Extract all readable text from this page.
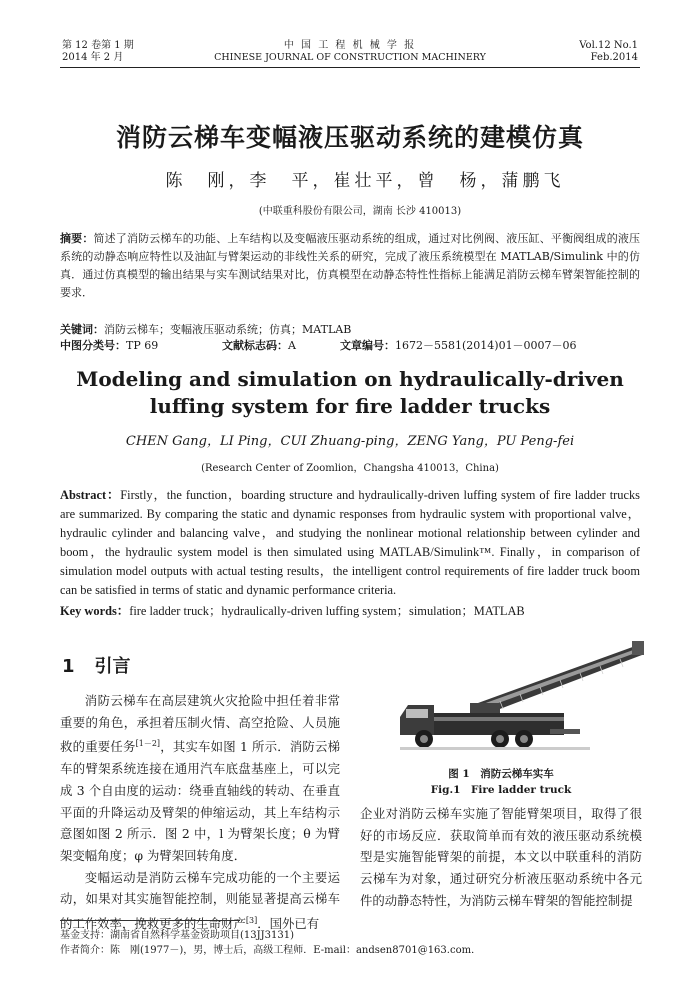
第 12 卷第 1 期
2014 年 2 月
中 国 工 程 机 械 学 报
CHINESE JOURNAL OF CONSTRUCTION MACHINERY
Vol.12 No.1
Feb.2014
消防云梯车变幅液压驱动系统的建模仿真
陈　刚，李　平，崔壮平，曾　杨，蒲鹏飞
(中联重科股份有限公司，湖南 长沙 410013)
摘要：简述了消防云梯车的功能、上车结构以及变幅液压驱动系统的组成，通过对比例阀、液压缸、平衡阀组成的液压系统的动静态响应特性以及油缸与臂架运动的非线性关系的研究，完成了液压系统模型在 MATLAB/Simulink 中的仿真．通过仿真模型的输出结果与实车测试结果对比，仿真模型在动静态特性性指标上能满足消防云梯车臂架智能控制的要求．
关键词：消防云梯车；变幅液压驱动系统；仿真；MATLAB
中图分类号：TP 69	文献标志码：A	文章编号：1672－5581(2014)01－0007－06
Modeling and simulation on hydraulically-driven
luffing system for fire ladder trucks
CHEN Gang，LI Ping，CUI Zhuang-ping，ZENG Yang，PU Peng-fei
(Research Center of Zoomlion，Changsha 410013，China)
Abstract：Firstly，the function，boarding structure and hydraulically-driven luffing system of fire ladder trucks are summarized. By comparing the static and dynamic responses from hydraulic system with proportional valve，hydraulic cylinder and balancing valve，and studying the nonlinear motional relationship between cylinder and boom，the hydraulic system model is then simulated using MATLAB/Simulink™. Finally，in comparison of simulation model outputs with actual testing results，the intelligent control requirements of fire ladder truck boom can be satisfied in terms of static and dynamic performance criteria.
Key words：fire ladder truck；hydraulically-driven luffing system；simulation；MATLAB
1 引言

消防云梯车在高层建筑火灾抢险中担任着非常重要的角色，承担着压制火情、高空抢险、人员施救的重要任务[1－2]，其实车如图 1 所示．消防云梯车的臂架系统连接在通用汽车底盘基座上，可以完成 3 个自由度的运动：绕垂直轴线的转动、在垂直平面的升降运动及臂架的伸缩运动，其上车结构示意图如图 2 所示．图 2 中，l 为臂架长度；θ 为臂架变幅角度；φ 为臂架回转角度．

变幅运动是消防云梯车完成功能的一个主要运动，如果对其实施智能控制，则能显著提高云梯车的工作效率，挽救更多的生命财产[3]．国外已有

图 1　消防云梯车实车
Fig.1　Fire ladder truck

企业对消防云梯车实施了智能臂架项目，取得了很好的市场反应．获取简单而有效的液压驱动系统模型是实施智能臂架的前提，本文以中联重科的消防云梯车为对象，通过研究分析液压驱动系统中各元件的动静态特性，为消防云梯车臂架的智能控制提

基金支持：湖南省自然科学基金资助项目(13JJ3131)
作者简介：陈　刚(1977－)，男，博士后，高级工程师．E-mail：andsen8701@163.com．
